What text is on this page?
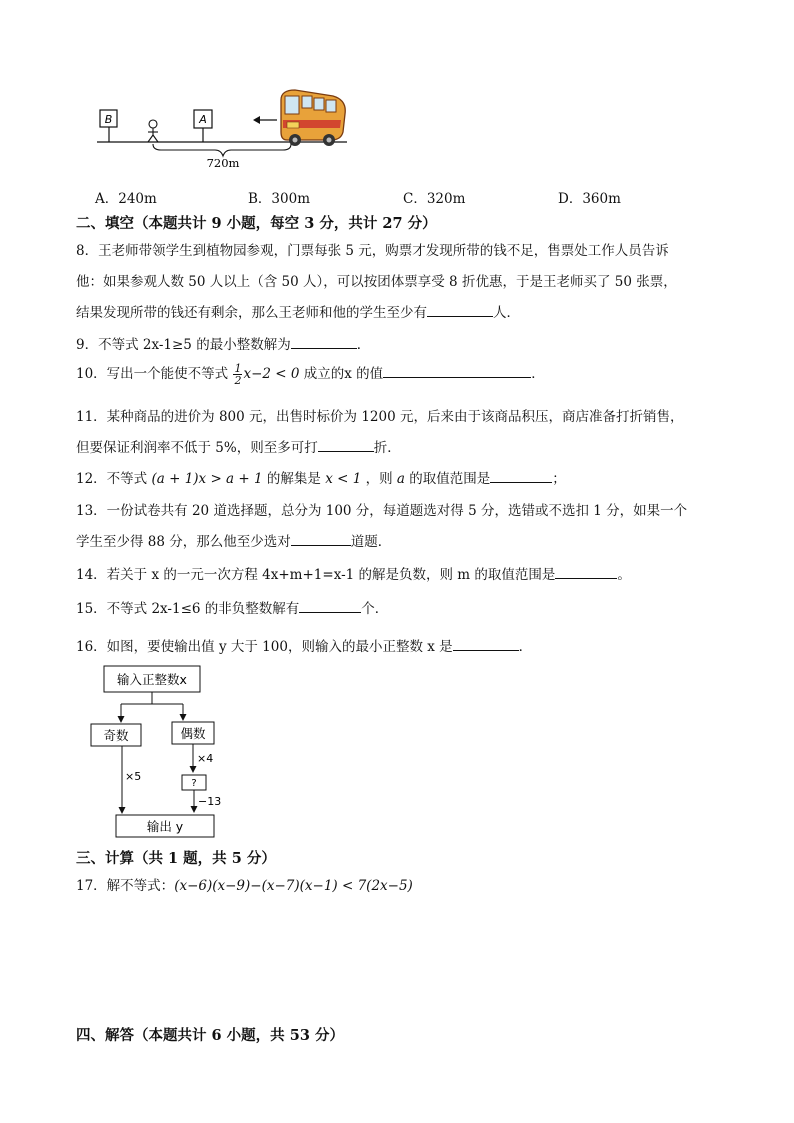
B	A
720m
A．240m	B．300m	C．320m	D．360m
二、填空（本题共计 9 小题，每空 3 分，共计 27 分）
8．王老师带领学生到植物园参观，门票每张 5 元，购票才发现所带的钱不足，售票处工作人员告诉
他：如果参观人数 50 人以上（含 50 人），可以按团体票享受 8 折优惠，于是王老师买了 50 张票，
结果发现所带的钱还有剩余，那么王老师和他的学生至少有	人．
9．不等式 2x-1≥5 的最小整数解为	．
10．写出一个能使不等式 $\frac{1}{2} x-2 < 0$ 成立的x 的值	．
11．某种商品的进价为 800 元，出售时标价为 1200 元，后来由于该商品积压，商店准备打折销售，
但要保证利润率不低于 5%，则至多可打	折．
12．不等式 (a + 1)x > a + 1 的解集是 x < 1 ，则 a 的取值范围是	；
13．一份试卷共有 20 道选择题，总分为 100 分，每道题选对得 5 分，选错或不选扣 1 分，如果一个
学生至少得 88 分，那么他至少选对	道题．
14．若关于 x 的一元一次方程 4x+m+1=x-1 的解是负数，则 m 的取值范围是	。
15．不等式 2x-1≤6 的非负整数解有	个．
16．如图，要使输出值 y 大于 100，则输入的最小正整数 x 是	．
输入正整数x
奇数	偶数
×4
?
−13
×5
输出 y
三、计算（共 1 题，共 5 分）
17．解不等式：(x−6)(x−9)−(x−7)(x−1) < 7(2x−5)
四、解答（本题共计 6 小题，共 53 分）
